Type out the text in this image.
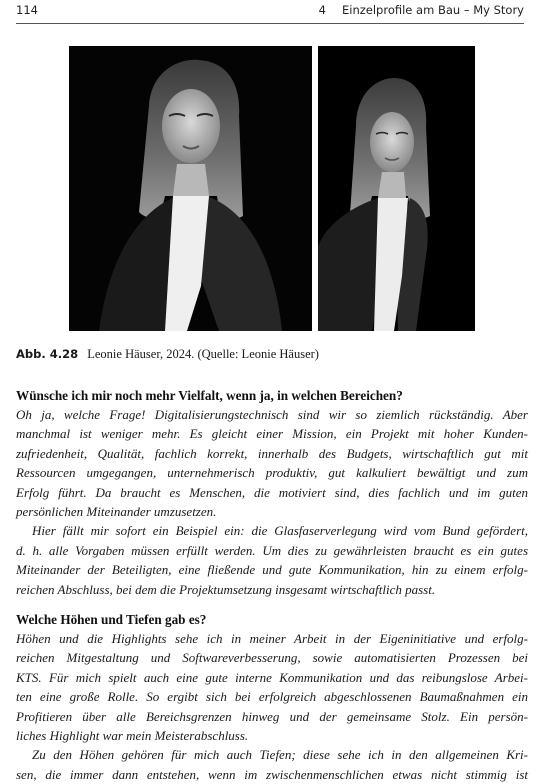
114	4 Einzelprofile am Bau – My Story
Abb. 4.28 Leonie Häuser, 2024. (Quelle: Leonie Häuser)
Wünsche ich mir noch mehr Vielfalt, wenn ja, in welchen Bereichen?
Oh ja, welche Frage! Digitalisierungstechnisch sind wir so ziemlich rückständig. Aber
manchmal ist weniger mehr. Es gleicht einer Mission, ein Projekt mit hoher Kunden-
zufriedenheit, Qualität, fachlich korrekt, innerhalb des Budgets, wirtschaftlich gut mit
Ressourcen umgegangen, unternehmerisch produktiv, gut kalkuliert bewältigt und zum
Erfolg führt. Da braucht es Menschen, die motiviert sind, dies fachlich und im guten
persönlichen Miteinander umzusetzen.
Hier fällt mir sofort ein Beispiel ein: die Glasfaserverlegung wird vom Bund gefördert,
d. h. alle Vorgaben müssen erfüllt werden. Um dies zu gewährleisten braucht es ein gutes
Miteinander der Beteiligten, eine fließende und gute Kommunikation, hin zu einem erfolg-
reichen Abschluss, bei dem die Projektumsetzung insgesamt wirtschaftlich passt.
Welche Höhen und Tiefen gab es?
Höhen und die Highlights sehe ich in meiner Arbeit in der Eigeninitiative und erfolg-
reichen Mitgestaltung und Softwareverbesserung, sowie automatisierten Prozessen bei
KTS. Für mich spielt auch eine gute interne Kommunikation und das reibungslose Arbei-
ten eine große Rolle. So ergibt sich bei erfolgreich abgeschlossenen Baumaßnahmen ein
Profitieren über alle Bereichsgrenzen hinweg und der gemeinsame Stolz. Ein persön-
liches Highlight war mein Meisterabschluss.
Zu den Höhen gehören für mich auch Tiefen; diese sehe ich in den allgemeinen Kri-
sen, die immer dann entstehen, wenn im zwischenmenschlichen etwas nicht stimmig ist
